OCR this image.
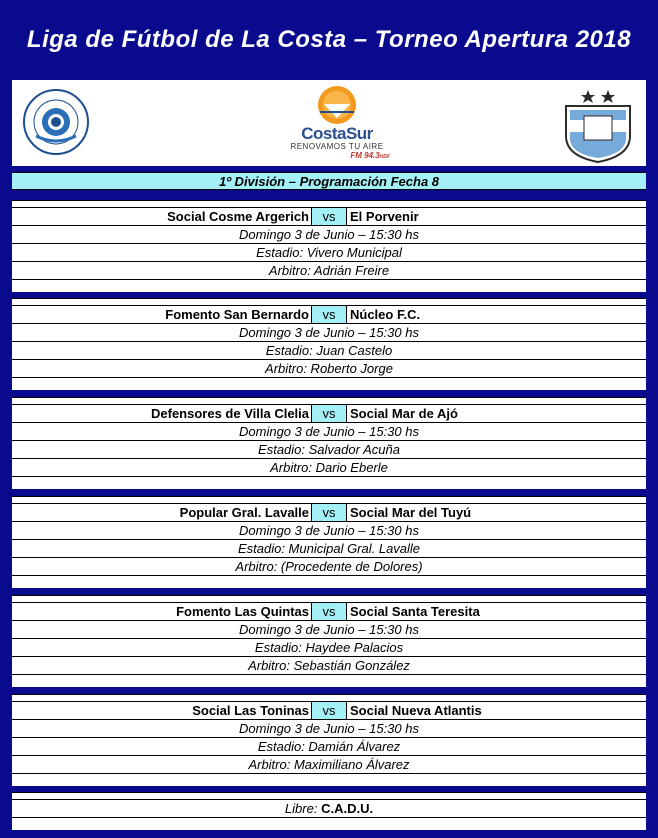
Liga de Fútbol de La Costa – Torneo Apertura 2018
CostaSur
RENOVAMOS TU AIRE
FM 94.3HDF
1º División – Programación Fecha 8
Social Cosme Argerich	vs	El Porvenir
Domingo 3 de Junio – 15:30 hs
Estadio: Vivero Municipal
Arbitro: Adrián Freire
Fomento San Bernardo	vs	Núcleo F.C.
Domingo 3 de Junio – 15:30 hs
Estadio: Juan Castelo
Arbitro: Roberto Jorge
Defensores de Villa Clelia	vs	Social Mar de Ajó
Domingo 3 de Junio – 15:30 hs
Estadio: Salvador Acuña
Arbitro: Dario Eberle
Popular Gral. Lavalle	vs	Social Mar del Tuyú
Domingo 3 de Junio – 15:30 hs
Estadio: Municipal Gral. Lavalle
Arbitro: (Procedente de Dolores)
Fomento Las Quintas	vs	Social Santa Teresita
Domingo 3 de Junio – 15:30 hs
Estadio: Haydee Palacios
Arbitro: Sebastián González
Social Las Toninas	vs	Social Nueva Atlantis
Domingo 3 de Junio – 15:30 hs
Estadio: Damián Álvarez
Arbitro: Maximiliano Álvarez
Libre: C.A.D.U.
